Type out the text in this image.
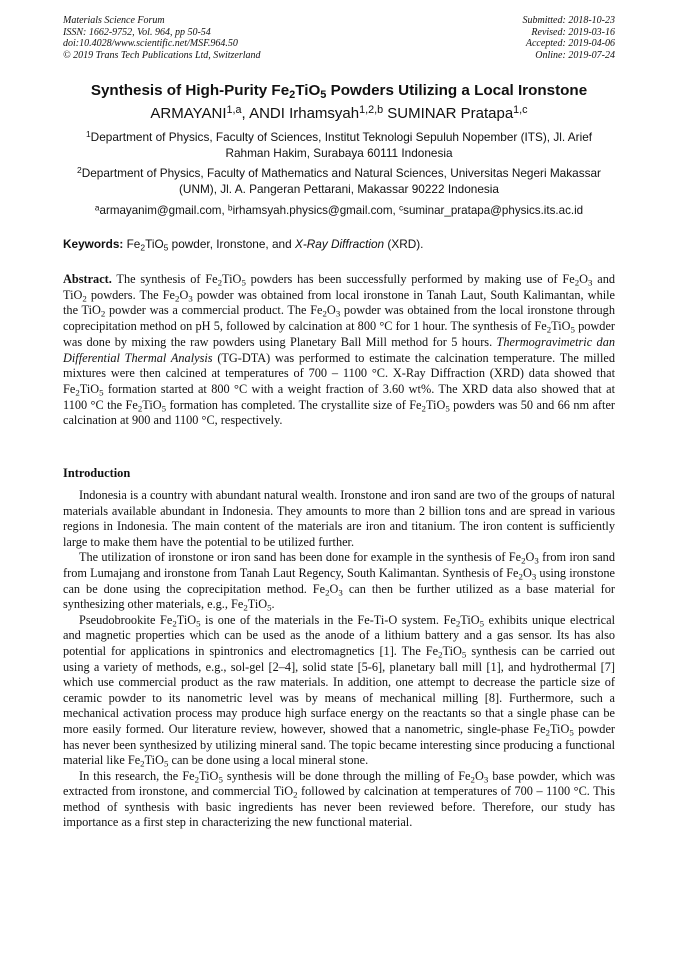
Materials Science Forum
ISSN: 1662-9752, Vol. 964, pp 50-54
doi:10.4028/www.scientific.net/MSF.964.50
© 2019 Trans Tech Publications Ltd, Switzerland
Submitted: 2018-10-23
Revised: 2019-03-16
Accepted: 2019-04-06
Online: 2019-07-24
Synthesis of High-Purity $Fe_2TiO_5$ Powders Utilizing a Local Ironstone
ARMAYANI$^{1,a}$, ANDI Irhamsyah$^{1,2,b}$ SUMINAR Pratapa$^{1,c}$
$^1$Department of Physics, Faculty of Sciences, Institut Teknologi Sepuluh Nopember (ITS), Jl. Arief Rahman Hakim, Surabaya 60111 Indonesia
$^2$Department of Physics, Faculty of Mathematics and Natural Sciences, Universitas Negeri Makassar (UNM), Jl. A. Pangeran Pettarani, Makassar 90222 Indonesia
$^a$armayanim@gmail.com, $^b$irhamsyah.physics@gmail.com, $^c$suminar_pratapa@physics.its.ac.id
Keywords: $Fe_2TiO_5$ powder, Ironstone, and X-Ray Diffraction (XRD).

Abstract. The synthesis of $Fe_2TiO_5$ powders has been successfully performed by making use of $Fe_2O_3$ and TiO$_2$ powders. The $Fe_2O_3$ powder was obtained from local ironstone in Tanah Laut, South Kalimantan, while the TiO$_2$ powder was a commercial product. The $Fe_2O_3$ powder was obtained from the local ironstone through coprecipitation method on pH 5, followed by calcination at 800 °C for 1 hour. The synthesis of $Fe_2TiO_5$ powder was done by mixing the raw powders using Planetary Ball Mill method for 5 hours. Thermogravimetric dan Differential Thermal Analysis (TG-DTA) was performed to estimate the calcination temperature. The milled mixtures were then calcined at temperatures of 700 – 1100 °C. X-Ray Diffraction (XRD) data showed that $Fe_2TiO_5$ formation started at 800 °C with a weight fraction of 3.60 wt%. The XRD data also showed that at 1100 °C the $Fe_2TiO_5$ formation has completed. The crystallite size of $Fe_2TiO_5$ powders was 50 and 66 nm after calcination at 900 and 1100 °C, respectively.

Introduction

Indonesia is a country with abundant natural wealth. Ironstone and iron sand are two of the groups of natural materials available abundant in Indonesia. They amounts to more than 2 billion tons and are spread in various regions in Indonesia. The main content of the materials are iron and titanium. The iron content is sufficiently large to make them have the potential to be utilized further.

The utilization of ironstone or iron sand has been done for example in the synthesis of $Fe_2O_3$ from iron sand from Lumajang and ironstone from Tanah Laut Regency, South Kalimantan. Synthesis of $Fe_2O_3$ using ironstone can be done using the coprecipitation method. $Fe_2O_3$ can then be further utilized as a base material for synthesizing other materials, e.g., $Fe_2TiO_5$.

Pseudobrookite $Fe_2TiO_5$ is one of the materials in the Fe-Ti-O system. $Fe_2TiO_5$ exhibits unique electrical and magnetic properties which can be used as the anode of a lithium battery and a gas sensor. Its has also potential for applications in spintronics and electromagnetics [1]. The $Fe_2TiO_5$ synthesis can be carried out using a variety of methods, e.g., sol-gel [2–4], solid state [5-6], planetary ball mill [1], and hydrothermal [7] which use commercial product as the raw materials. In addition, one attempt to decrease the particle size of ceramic powder to its nanometric level was by means of mechanical milling [8]. Furthermore, such a mechanical activation process may produce high surface energy on the reactants so that a single phase can be more easily formed. Our literature review, however, showed that a nanometric, single-phase $Fe_2TiO_5$ powder has never been synthesized by utilizing mineral sand. The topic became interesting since producing a functional material like $Fe_2TiO_5$ can be done using a local mineral stone.

In this research, the $Fe_2TiO_5$ synthesis will be done through the milling of $Fe_2O_3$ base powder, which was extracted from ironstone, and commercial TiO$_2$ followed by calcination at temperatures of 700 – 1100 °C. This method of synthesis with basic ingredients has never been reviewed before. Therefore, our study has importance as a first step in characterizing the new functional material.
